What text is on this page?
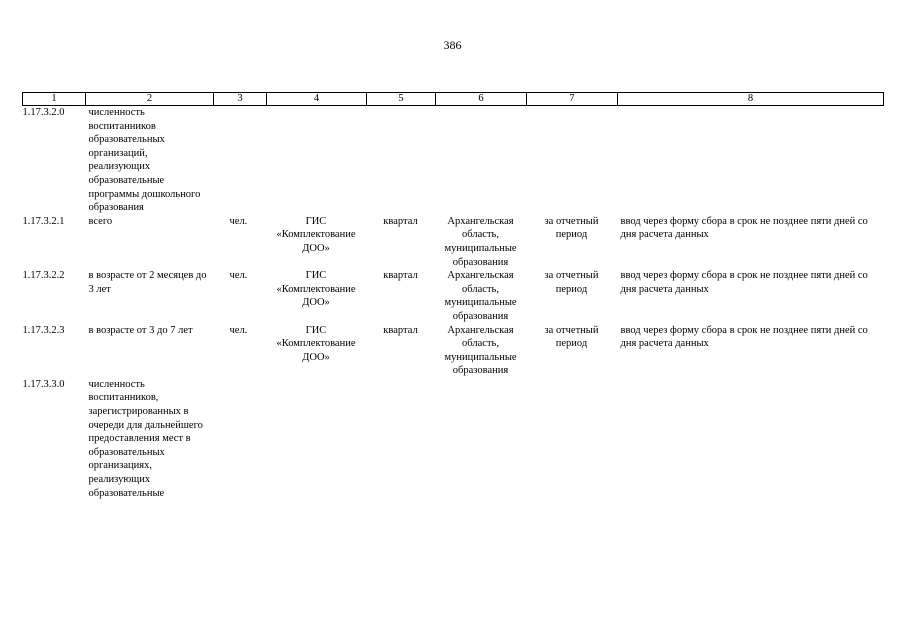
386
1	2	3	4	5	6	7	8
1.17.3.2.0	численность воспитанников образовательных организаций, реализующих образовательные программы дошкольного образования						
1.17.3.2.1	всего	чел.	ГИС «Комплектование ДОО»	квартал	Архангельская область, муниципальные образования	за отчетный период	ввод через форму сбора в срок не позднее пяти дней со дня расчета данных
1.17.3.2.2	в возрасте от 2 месяцев до 3 лет	чел.	ГИС «Комплектование ДОО»	квартал	Архангельская область, муниципальные образования	за отчетный период	ввод через форму сбора в срок не позднее пяти дней со дня расчета данных
1.17.3.2.3	в возрасте от 3 до 7 лет	чел.	ГИС «Комплектование ДОО»	квартал	Архангельская область, муниципальные образования	за отчетный период	ввод через форму сбора в срок не позднее пяти дней со дня расчета данных
1.17.3.3.0	численность воспитанников, зарегистрированных в очереди для дальнейшего предоставления мест в образовательных организациях, реализующих образовательные						
